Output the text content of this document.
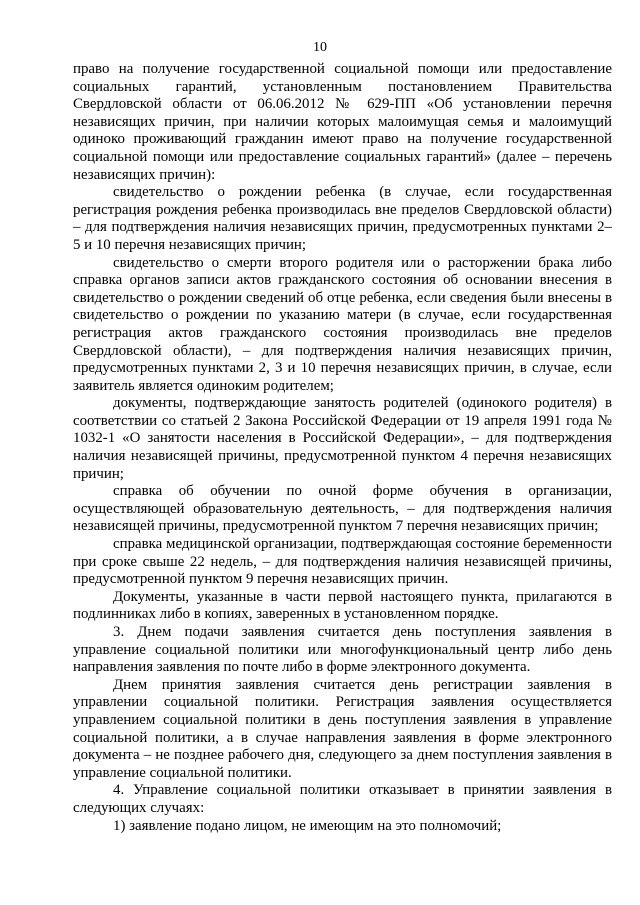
10

право на получение государственной социальной помощи или предоставление социальных гарантий, установленным постановлением Правительства Свердловской области от 06.06.2012 № 629-ПП «Об установлении перечня независящих причин, при наличии которых малоимущая семья и малоимущий одиноко проживающий гражданин имеют право на получение государственной социальной помощи или предоставление социальных гарантий» (далее – перечень независящих причин):

свидетельство о рождении ребенка (в случае, если государственная регистрация рождения ребенка производилась вне пределов Свердловской области) – для подтверждения наличия независящих причин, предусмотренных пунктами 2–5 и 10 перечня независящих причин;

свидетельство о смерти второго родителя или о расторжении брака либо справка органов записи актов гражданского состояния об основании внесения в свидетельство о рождении сведений об отце ребенка, если сведения были внесены в свидетельство о рождении по указанию матери (в случае, если государственная регистрация актов гражданского состояния производилась вне пределов Свердловской области), – для подтверждения наличия независящих причин, предусмотренных пунктами 2, 3 и 10 перечня независящих причин, в случае, если заявитель является одиноким родителем;

документы, подтверждающие занятость родителей (одинокого родителя) в соответствии со статьей 2 Закона Российской Федерации от 19 апреля 1991 года № 1032-1 «О занятости населения в Российской Федерации», – для подтверждения наличия независящей причины, предусмотренной пунктом 4 перечня независящих причин;

справка об обучении по очной форме обучения в организации, осуществляющей образовательную деятельность, – для подтверждения наличия независящей причины, предусмотренной пунктом 7 перечня независящих причин;

справка медицинской организации, подтверждающая состояние беременности при сроке свыше 22 недель, – для подтверждения наличия независящей причины, предусмотренной пунктом 9 перечня независящих причин.

Документы, указанные в части первой настоящего пункта, прилагаются в подлинниках либо в копиях, заверенных в установленном порядке.

3. Днем подачи заявления считается день поступления заявления в управление социальной политики или многофункциональный центр либо день направления заявления по почте либо в форме электронного документа.

Днем принятия заявления считается день регистрации заявления в управлении социальной политики. Регистрация заявления осуществляется управлением социальной политики в день поступления заявления в управление социальной политики, а в случае направления заявления в форме электронного документа – не позднее рабочего дня, следующего за днем поступления заявления в управление социальной политики.

4. Управление социальной политики отказывает в принятии заявления в следующих случаях:

1) заявление подано лицом, не имеющим на это полномочий;
